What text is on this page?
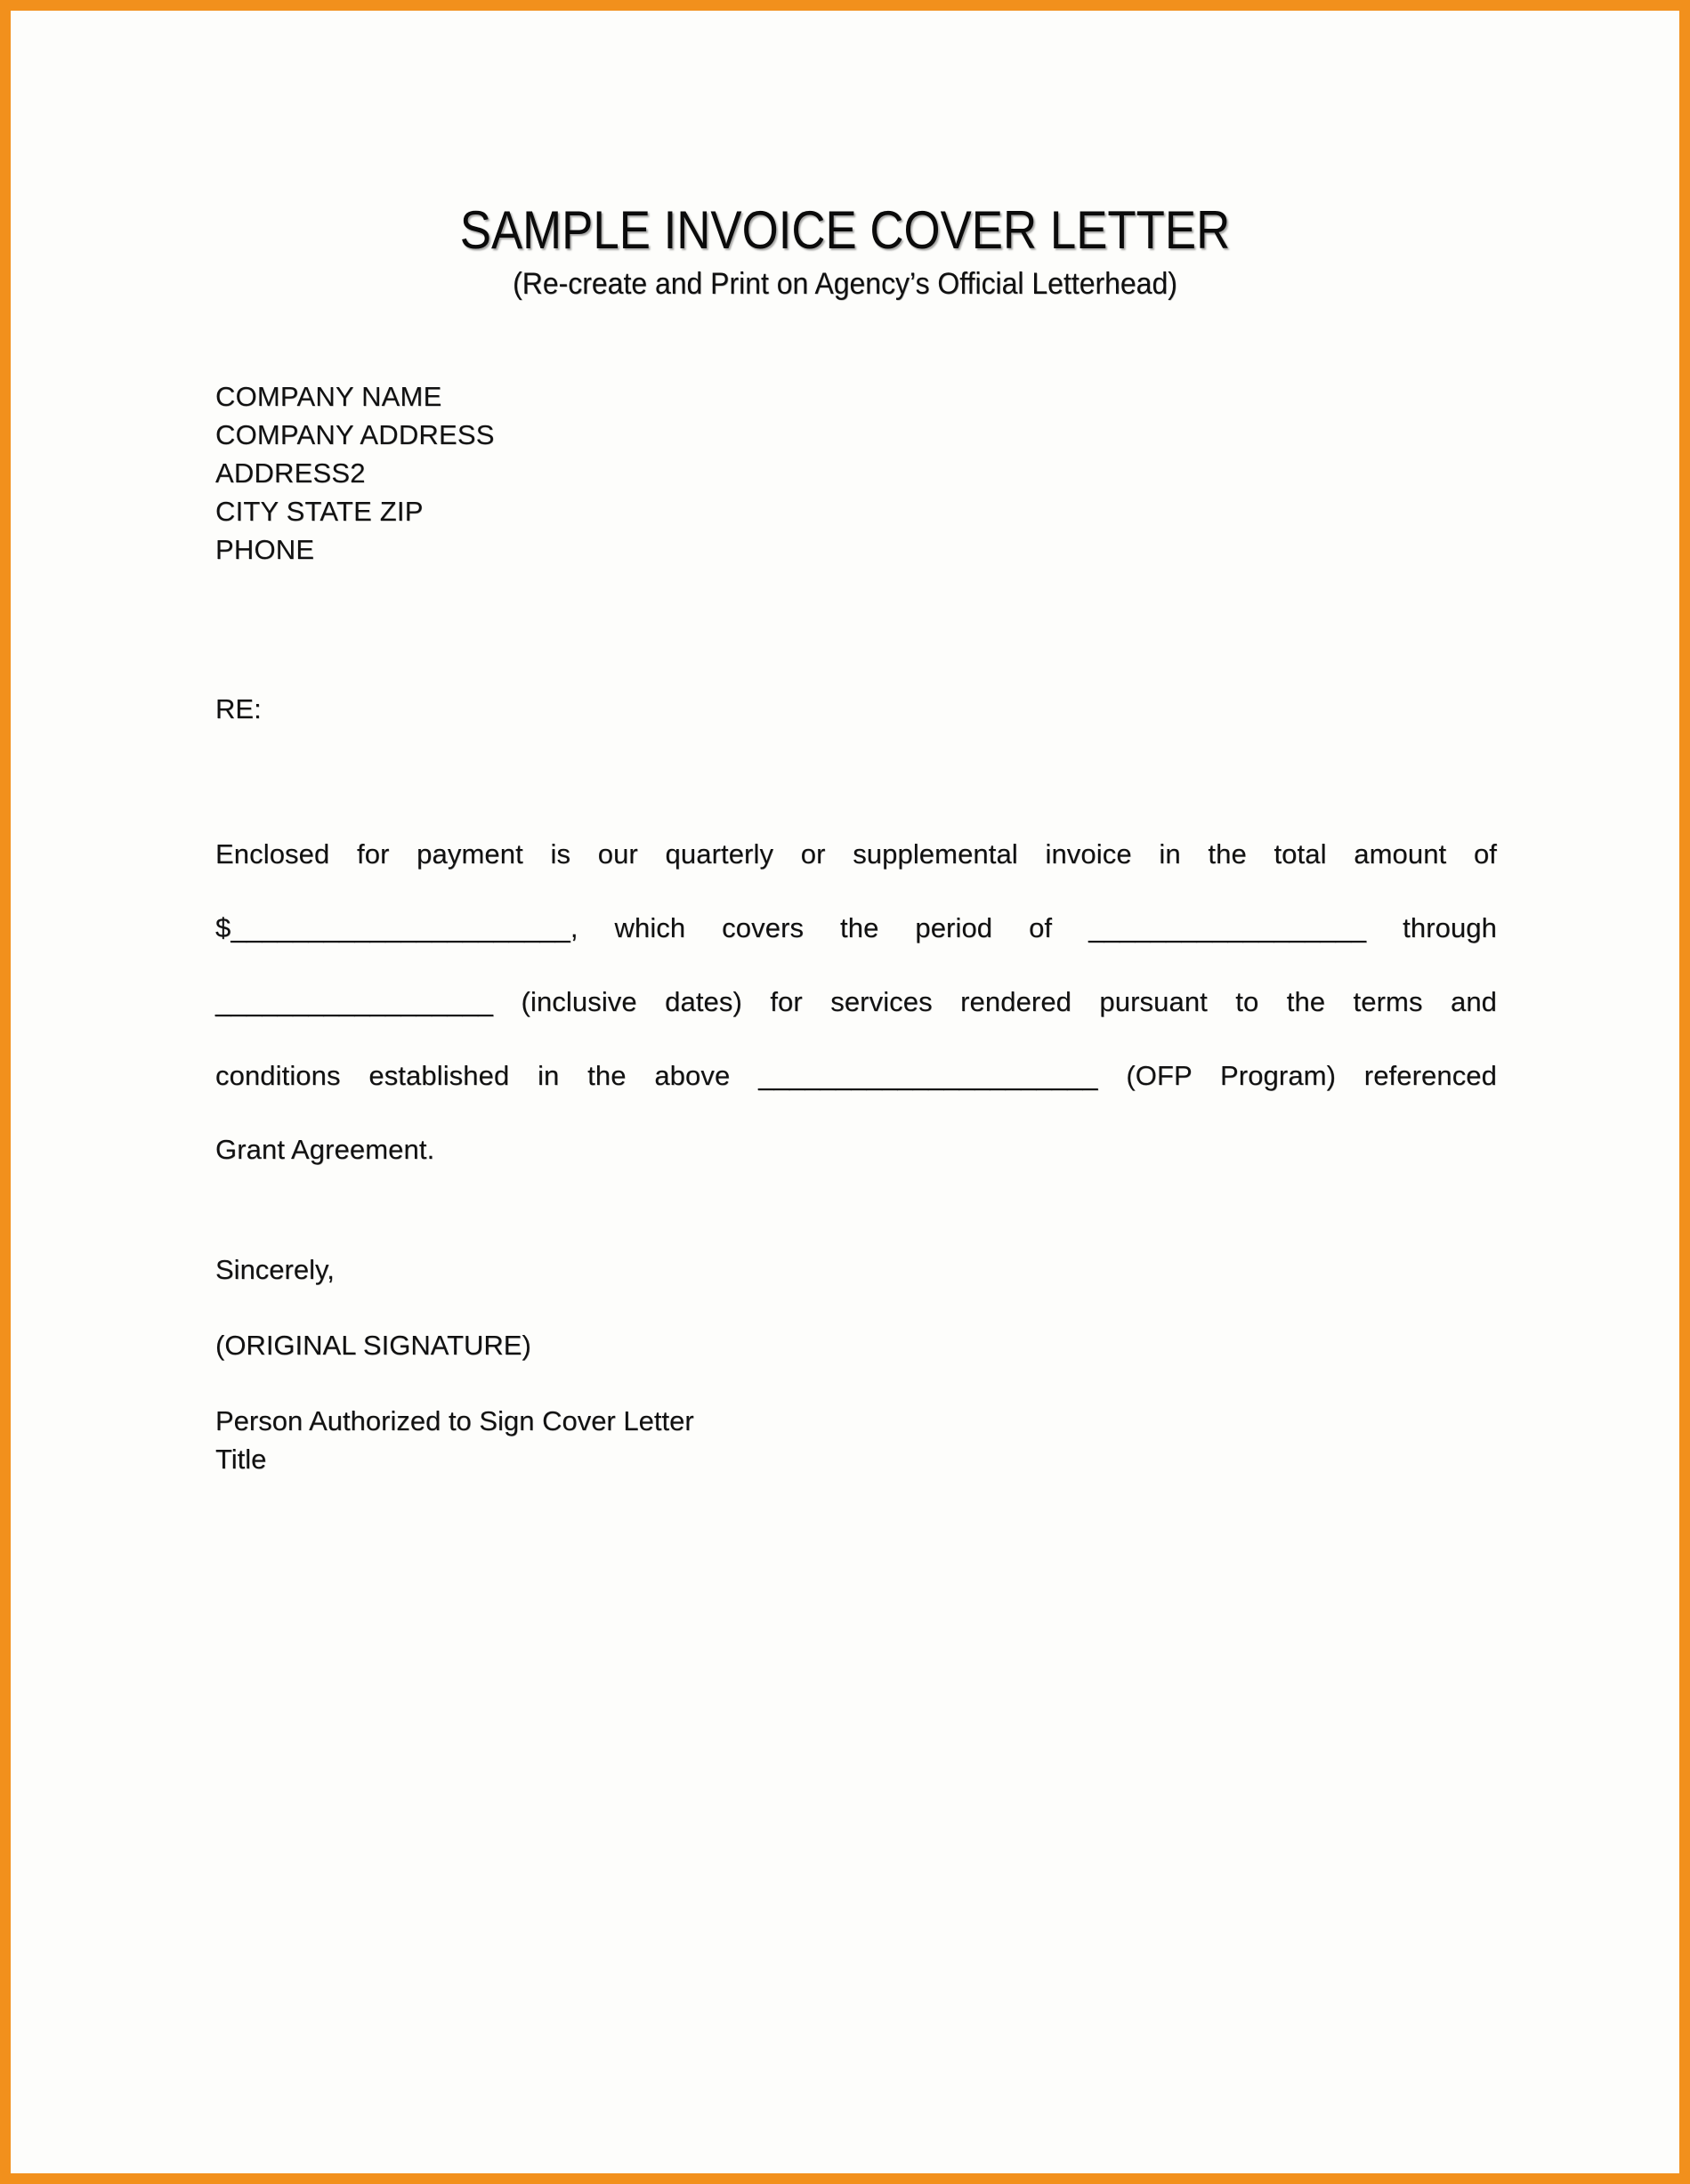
SAMPLE INVOICE COVER LETTER
(Re-create and Print on Agency’s Official Letterhead)
COMPANY NAME
COMPANY ADDRESS
ADDRESS2
CITY STATE ZIP
PHONE
RE:
Enclosed for payment is our quarterly or supplemental invoice in the total amount of
$______________________, which covers the period of __________________ through
__________________ (inclusive dates) for services rendered pursuant to the terms and
conditions established in the above ______________________ (OFP Program) referenced
Grant Agreement.
Sincerely,
(ORIGINAL SIGNATURE)
Person Authorized to Sign Cover Letter
Title
